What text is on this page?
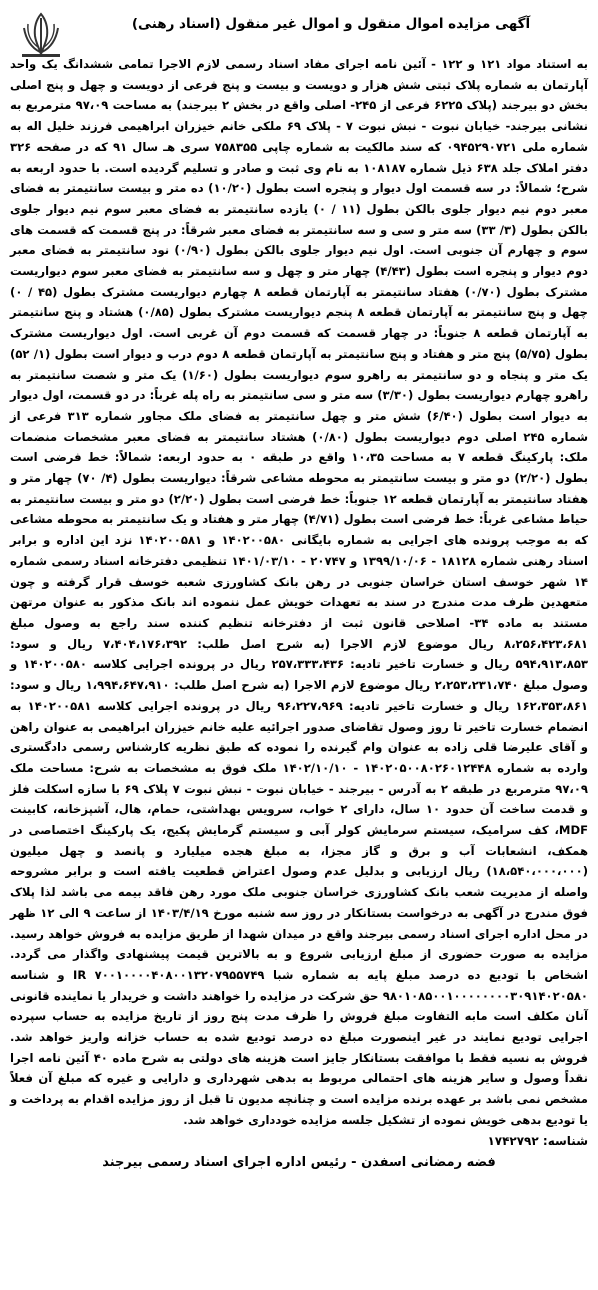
آگهی مزایده اموال منقول و اموال غیر منقول (اسناد رهنی)

به استناد مواد ۱۲۱ و ۱۲۲ - آئین نامه اجرای مفاد اسناد رسمی لازم الاجرا تمامی ششدانگ یک واحد آپارتمان به شماره پلاک ثبتی شش هزار و دویست و بیست و پنج فرعی از دویست و چهل و پنج اصلی بخش دو بیرجند (پلاک ۶۲۲۵ فرعی از ۲۴۵- اصلی واقع در بخش ۲ بیرجند) به مساحت ۹۷،۰۹ مترمربع به نشانی بیرجند- خیابان نبوت - نبش نبوت ۷ - پلاک ۶۹ ملکی خانم خیزران ابراهیمی فرزند خلیل اله به شماره ملی ۰۹۴۵۲۹۰۷۲۱ که سند مالکیت به شماره چاپی ۷۵۸۳۵۵ سری هـ سال ۹۱ که در صفحه ۳۲۶ دفتر املاک جلد ۶۳۸ ذیل شماره ۱۰۸۱۸۷ به نام وی ثبت و صادر و تسلیم گردیده است. با حدود اربعه به شرح؛ شمالاً: در سه قسمت اول دیوار و پنجره است بطول (۱۰/۲۰) ده متر و بیست سانتیمتر به فضای معبر دوم نیم دیوار جلوی بالکن بطول (۱۱ / ۰) یازده سانتیمتر به فضای معبر سوم نیم دیوار جلوی بالکن بطول (۳/ ۳۳) سه متر و سی و سه سانتیمتر به فضای معبر شرقاً: در پنج قسمت که قسمت های سوم و چهارم آن جنوبی است. اول نیم دیوار جلوی بالکن بطول (۰/۹۰) نود سانتیمتر به فضای معبر دوم دیوار و پنجره است بطول (۴/۴۳) چهار متر و چهل و سه سانتیمتر به فضای معبر سوم دیواریست مشترک بطول (۰/۷۰) هفتاد سانتیمتر به آپارتمان قطعه ۸ چهارم دیواریست مشترک بطول (۴۵ / ۰) چهل و پنج سانتیمتر به آپارتمان قطعه ۸ پنجم دیواریست مشترک بطول (۰/۸۵) هشتاد و پنج سانتیمتر به آپارتمان قطعه ۸ جنوباً: در چهار قسمت که قسمت دوم آن غربی است. اول دیواریست مشترک بطول (۵/۷۵) پنج متر و هفتاد و پنج سانتیمتر به آپارتمان قطعه ۸ دوم درب و دیوار است بطول (۱/ ۵۲) یک متر و پنجاه و دو سانتیمتر به راهرو سوم دیواریست بطول (۱/۶۰) یک متر و شصت سانتیمتر به راهرو چهارم دیواریست بطول (۳/۳۰) سه متر و سی سانتیمتر به راه پله غرباً: در دو قسمت، اول دیوار به دیوار است بطول (۶/۴۰) شش متر و چهل سانتیمتر به فضای ملک مجاور شماره ۳۱۳ فرعی از شماره ۲۴۵ اصلی دوم دیواریست بطول (۰/۸۰) هشتاد سانتیمتر به فضای معبر مشخصات منضمات ملک: پارکینگ قطعه ۷ به مساحت ۱۰،۳۵ واقع در طبقه ۰ به حدود اربعه: شمالاً: خط فرضی است بطول (۲/۲۰) دو متر و بیست سانتیمتر به محوطه مشاعی شرقاً: دیواریست بطول (۴/ ۷۰) چهار متر و هفتاد سانتیمتر به آپارتمان قطعه ۱۲ جنوباً: خط فرضی است بطول (۲/۲۰) دو متر و بیست سانتیمتر به حیاط مشاعی غرباً: خط فرضی است بطول (۴/۷۱) چهار متر و هفتاد و یک سانتیمتر به محوطه مشاعی که به موجب پرونده های اجرایی به شماره بایگانی ۱۴۰۲۰۰۵۸۰ و ۱۴۰۲۰۰۵۸۱ نزد این اداره و برابر اسناد رهنی شماره ۱۸۱۲۸ - ۱۳۹۹/۱۰/۰۶ و ۲۰۷۴۷ - ۱۴۰۱/۰۳/۱۰ تنظیمی دفترخانه اسناد رسمی شماره ۱۴ شهر خوسف استان خراسان جنوبی در رهن بانک کشاورزی شعبه خوسف قرار گرفته و چون متعهدین ظرف مدت مندرج در سند به تعهدات خویش عمل ننموده اند بانک مذکور به عنوان مرتهن مستند به ماده ۳۴- اصلاحی قانون ثبت از دفترخانه تنظیم کننده سند راجع به وصول مبلغ ۸،۲۵۶،۴۲۳،۶۸۱ ریال موضوع لازم الاجرا (به شرح اصل طلب: ۷،۴۰۴،۱۷۶،۳۹۲ ریال و سود: ۵۹۴،۹۱۳،۸۵۳ ریال و خسارت تاخیر تادیه: ۲۵۷،۳۳۳،۴۳۶ ریال در پرونده اجرایی کلاسه ۱۴۰۲۰۰۵۸۰ و وصول مبلغ ۲،۲۵۳،۲۳۱،۷۴۰ ریال موضوع لازم الاجرا (به شرح اصل طلب: ۱،۹۹۴،۶۴۷،۹۱۰ ریال و سود: ۱۶۲،۳۵۳،۸۶۱ ریال و خسارت تاخیر تادیه: ۹۶،۲۲۷،۹۶۹ ریال در پرونده اجرایی کلاسه ۱۴۰۲۰۰۵۸۱ به انضمام خسارت تاخیر تا روز وصول تقاضای صدور اجرائیه علیه خانم خیزران ابراهیمی به عنوان راهن و آقای علیرضا قلی زاده به عنوان وام گیرنده را نموده که طبق نظریه کارشناس رسمی دادگستری وارده به شماره ۱۴۰۲۰۵۰۰۸۰۲۶۰۱۲۴۴۸ - ۱۴۰۲/۱۰/۱۰ ملک فوق به مشخصات به شرح: مساحت ملک ۹۷،۰۹ مترمربع در طبقه ۲ به آدرس - بیرجند - خیابان نبوت - نبش نبوت ۷ پلاک ۶۹ با سازه اسکلت فلز و قدمت ساخت آن حدود ۱۰ سال، دارای ۲ خواب، سرویس بهداشتی، حمام، هال، آشپزخانه، کابینت MDF، کف سرامیک، سیستم سرمایش کولر آبی و سیستم گرمایش پکیج، یک پارکینگ اختصاصی در همکف، انشعابات آب و برق و گاز مجزا، به مبلغ هجده میلیارد و پانصد و چهل میلیون (۱۸،۵۴۰،۰۰۰،۰۰۰) ریال ارزیابی و بدلیل عدم وصول اعتراض قطعیت یافته است و برابر مشروحه واصله از مدیریت شعب بانک کشاورزی خراسان جنوبی ملک مورد رهن فاقد بیمه می باشد لذا پلاک فوق مندرج در آگهی به درخواست بستانکار در روز سه شنبه مورخ ۱۴۰۳/۴/۱۹ از ساعت ۹ الی ۱۲ ظهر در محل اداره اجرای اسناد رسمی بیرجند واقع در میدان شهدا از طریق مزایده به فروش خواهد رسید. مزایده به صورت حضوری از مبلغ ارزیابی شروع و به بالاترین قیمت پیشنهادی واگذار می گردد. اشخاص با تودیع ده درصد مبلغ پایه به شماره شبا IR ۷۰۰۱۰۰۰۰۴۰۸۰۰۱۳۲۰۷۹۵۵۷۴۹ و شناسه ۹۸۰۱۰۸۵۰۰۱۰۰۰۰۰۰۰۰۳۰۹۱۴۰۲۰۵۸۰ حق شرکت در مزایده را خواهند داشت و خریدار یا نماینده قانونی آنان مکلف است مابه التفاوت مبلغ فروش را ظرف مدت پنج روز از تاریخ مزایده به حساب سپرده اجرایی تودیع نمایند در غیر اینصورت مبلغ ده درصد تودیع شده به حساب خزانه واریز خواهد شد. فروش به نسیه فقط با موافقت بستانکار جایز است هزینه های دولتی به شرح ماده ۴۰ آئین نامه اجرا نقداً وصول و سایر هزینه های احتمالی مربوط به بدهی شهرداری و دارایی و غیره که مبلغ آن فعلاً مشخص نمی باشد بر عهده برنده مزایده است و چنانچه مدیون تا قبل از روز مزایده اقدام به پرداخت و یا تودیع بدهی خویش نموده از تشکیل جلسه مزایده خودداری خواهد شد.

شناسه: ۱۷۴۲۷۹۲
فضه رمضانی اسفدن - رئیس اداره اجرای اسناد رسمی بیرجند
